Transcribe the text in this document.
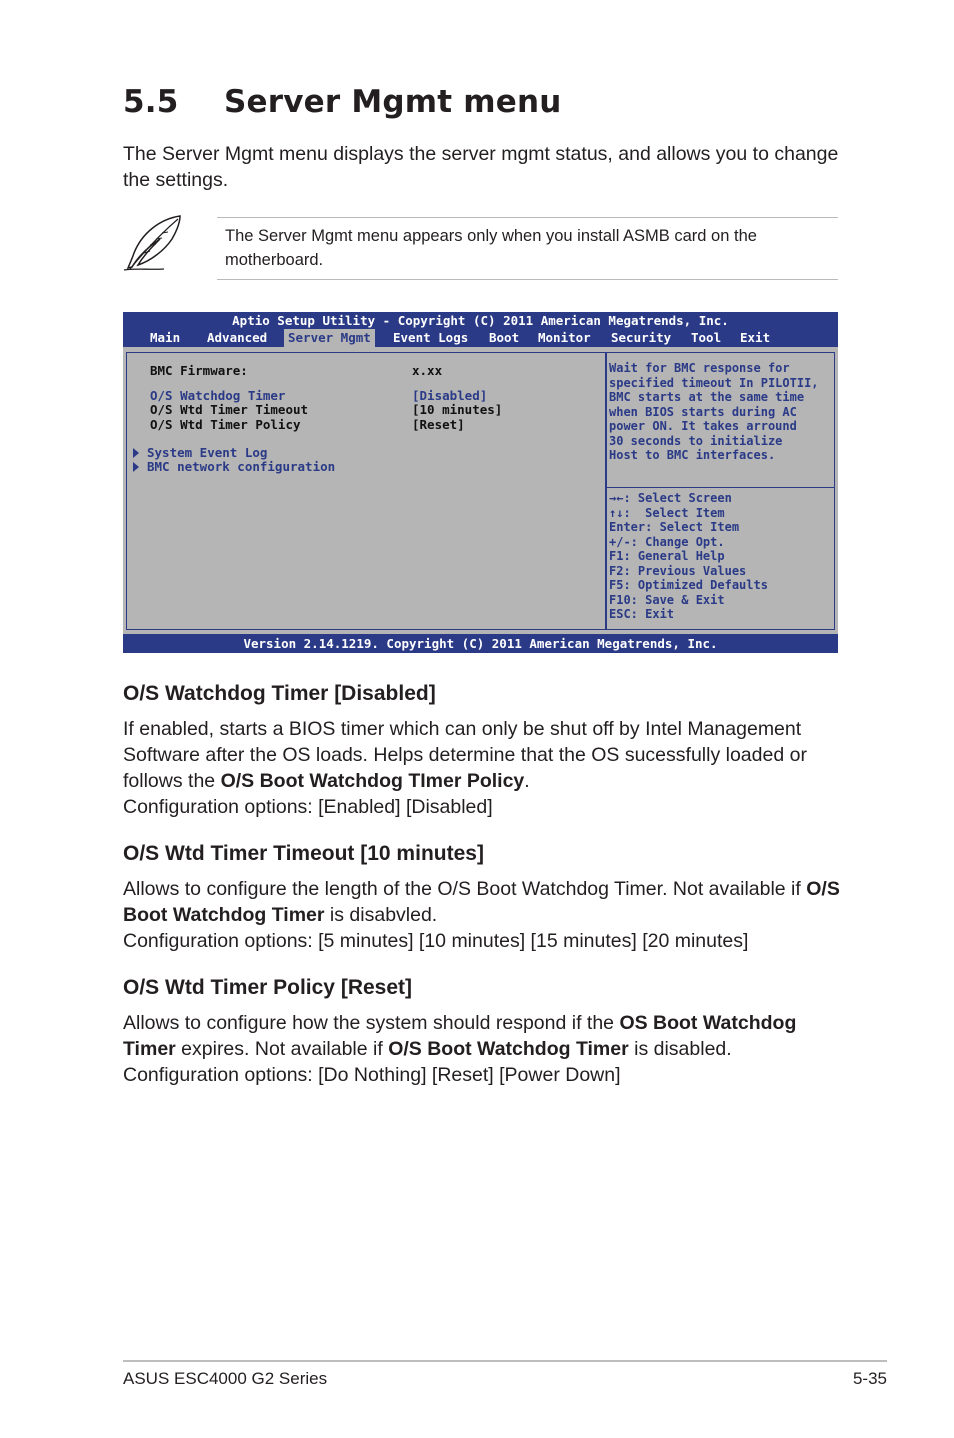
5.5 Server Mgmt menu

The Server Mgmt menu displays the server mgmt status, and allows you to change the settings.

The Server Mgmt menu appears only when you install ASMB card on the motherboard.

Aptio Setup Utility - Copyright (C) 2011 American Megatrends, Inc.
Main Advanced	Server Mgmt	Event Logs Boot Monitor Security Tool Exit
BMC Firmware:	x.xx
O/S Watchdog Timer	[Disabled]
O/S Wtd Timer Timeout	[10 minutes]
O/S Wtd Timer Policy	[Reset]
System Event Log
BMC network configuration
Wait for BMC response for
specified timeout In PILOTII,
BMC starts at the same time
when BIOS starts during AC
power ON. It takes arround
30 seconds to initialize
Host to BMC interfaces.
→←: Select Screen
↑↓:  Select Item
Enter: Select Item
+/-: Change Opt.
F1: General Help
F2: Previous Values
F5: Optimized Defaults
F10: Save & Exit
ESC: Exit
Version 2.14.1219. Copyright (C) 2011 American Megatrends, Inc.
O/S Watchdog Timer [Disabled]

If enabled, starts a BIOS timer which can only be shut off by Intel Management Software after the OS loads. Helps determine that the OS sucessfully loaded or follows the O/S Boot Watchdog TImer Policy.
Configuration options: [Enabled] [Disabled]

O/S Wtd Timer Timeout [10 minutes]

Allows to configure the length of the O/S Boot Watchdog Timer. Not available if O/S Boot Watchdog Timer is disabvled.
Configuration options: [5 minutes] [10 minutes] [15 minutes] [20 minutes]

O/S Wtd Timer Policy [Reset]

Allows to configure how the system should respond if the OS Boot Watchdog Timer expires. Not available if O/S Boot Watchdog Timer is disabled.
Configuration options: [Do Nothing] [Reset] [Power Down]

ASUS ESC4000 G2 Series	5-35
